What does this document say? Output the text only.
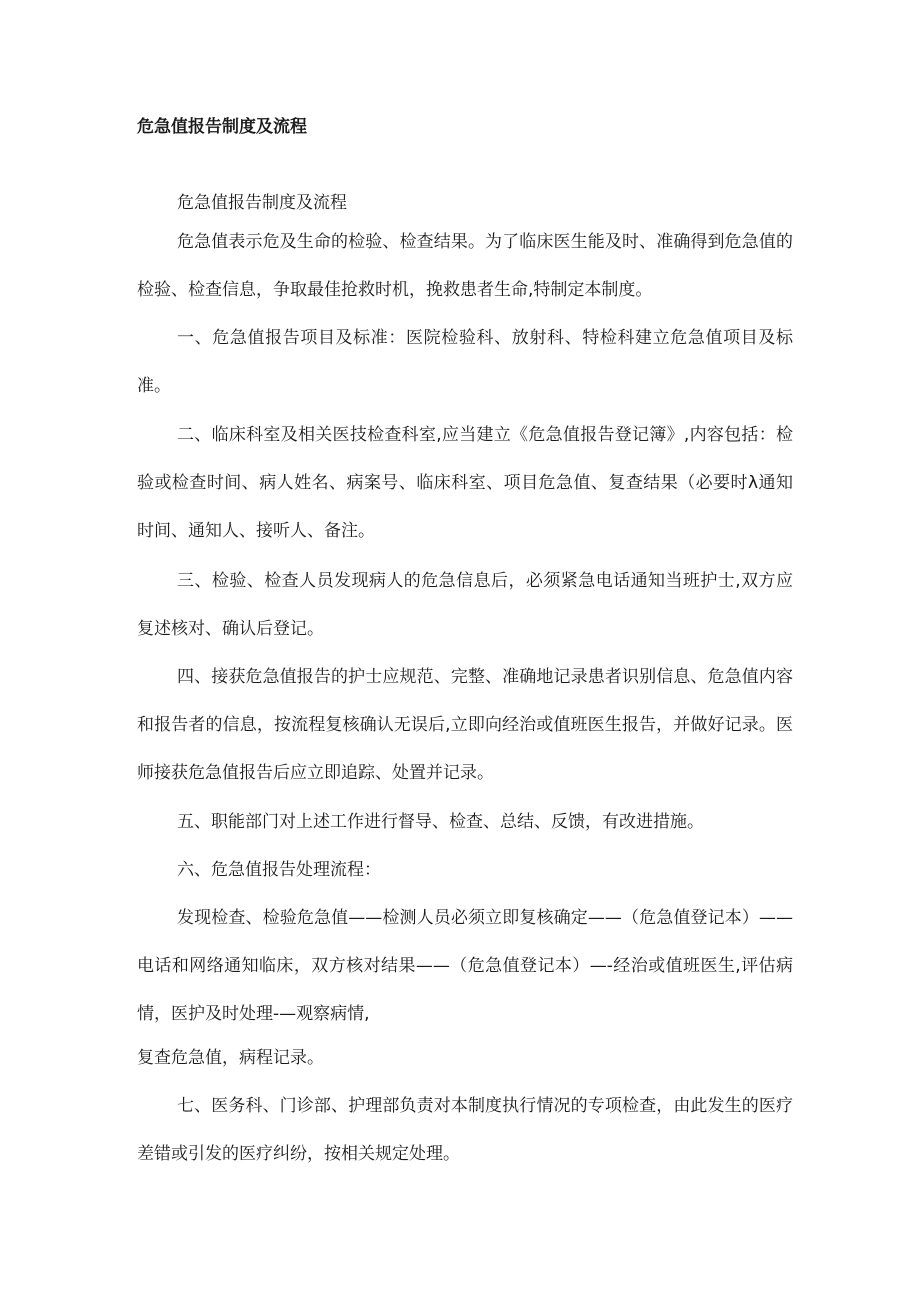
危急值报告制度及流程

危急值报告制度及流程

危急值表示危及生命的检验、检查结果。为了临床医生能及时、准确得到危急值的检验、检查信息，争取最佳抢救时机，挽救患者生命,特制定本制度。

一、危急值报告项目及标准：医院检验科、放射科、特检科建立危急值项目及标准。

二、临床科室及相关医技检查科室,应当建立《危急值报告登记簿》,内容包括：检验或检查时间、病人姓名、病案号、临床科室、项目危急值、复查结果（必要时λ通知时间、通知人、接听人、备注。

三、检验、检查人员发现病人的危急信息后，必须紧急电话通知当班护士,双方应复述核对、确认后登记。

四、接获危急值报告的护士应规范、完整、准确地记录患者识别信息、危急值内容和报告者的信息，按流程复核确认无误后,立即向经治或值班医生报告，并做好记录。医师接获危急值报告后应立即追踪、处置并记录。

五、职能部门对上述工作进行督导、检查、总结、反馈，有改进措施。

六、危急值报告处理流程：

发现检查、检验危急值——检测人员必须立即复核确定——（危急值登记本）——电话和网络通知临床，双方核对结果——（危急值登记本）—-经治或值班医生,评估病情，医护及时处理-—观察病情,

复查危急值，病程记录。

七、医务科、门诊部、护理部负责对本制度执行情况的专项检查，由此发生的医疗差错或引发的医疗纠纷，按相关规定处理。
